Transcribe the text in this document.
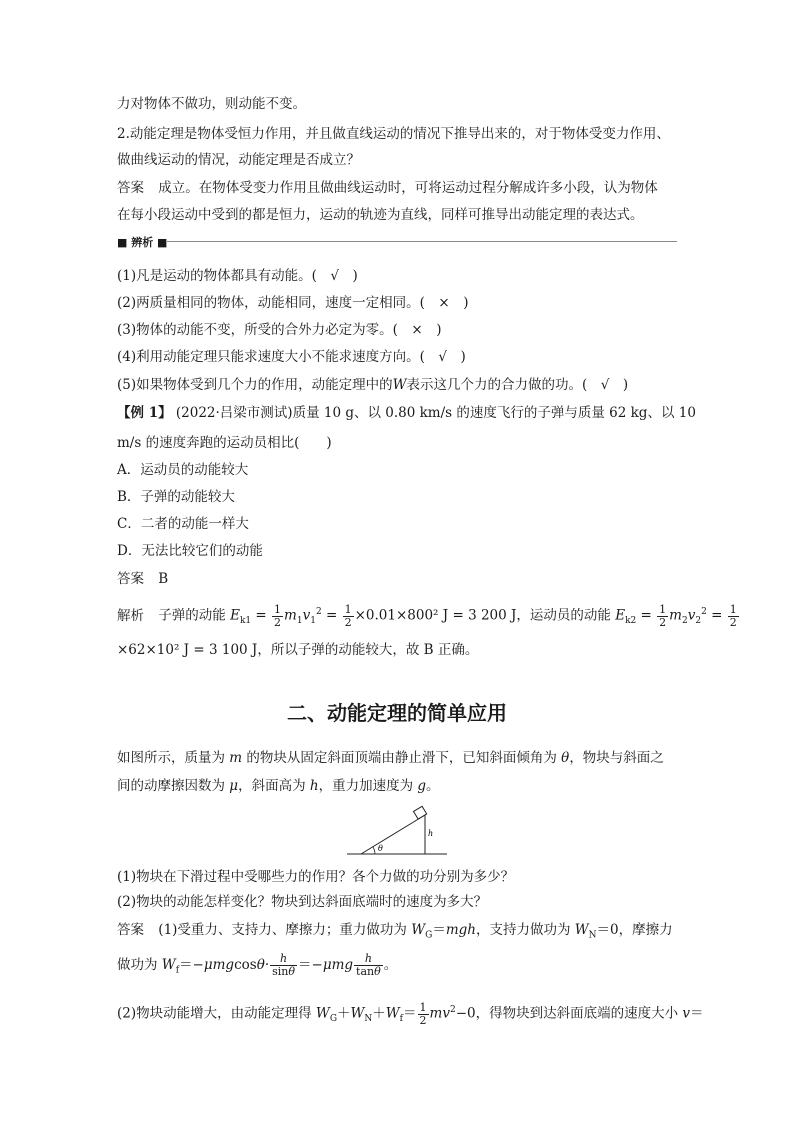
力对物体不做功，则动能不变。
2.动能定理是物体受恒力作用，并且做直线运动的情况下推导出来的，对于物体受变力作用、
做曲线运动的情况，动能定理是否成立？
答案 成立。在物体受变力作用且做曲线运动时，可将运动过程分解成许多小段，认为物体
在每小段运动中受到的都是恒力，运动的轨迹为直线，同样可推导出动能定理的表达式。
■ 辨析 ■
(1)凡是运动的物体都具有动能。(　√　)
(2)两质量相同的物体，动能相同，速度一定相同。(　×　)
(3)物体的动能不变，所受的合外力必定为零。(　×　)
(4)利用动能定理只能求速度大小不能求速度方向。(　√　)
(5)如果物体受到几个力的作用，动能定理中的W表示这几个力的合力做的功。(　√　)
【例 1】 (2022·吕梁市测试)质量 10 g、以 0.80 km/s 的速度飞行的子弹与质量 62 kg、以 10
m/s 的速度奔跑的运动员相比(　　)
A．运动员的动能较大
B．子弹的动能较大
C．二者的动能一样大
D．无法比较它们的动能
答案 B
解析 子弹的动能 $E_{k1} = \frac{1}{2} m_1v_1^2 = \frac{1}{2} \times 0.01\times 800^2$ J = 3 200 J，运动员的动能 $E_{k2} = \frac{1}{2} m_2v_2^2 = \frac{1}{2}$
×62×10² J = 3 100 J，所以子弹的动能较大，故 B 正确。
二、动能定理的简单应用
如图所示，质量为 m 的物块从固定斜面顶端由静止滑下，已知斜面倾角为 θ，物块与斜面之
间的动摩擦因数为 μ，斜面高为 h，重力加速度为 g。
θ
h
(1)物块在下滑过程中受哪些力的作用？各个力做的功分别为多少？
(2)物块的动能怎样变化？物块到达斜面底端时的速度为多大？
答案 (1)受重力、支持力、摩擦力；重力做功为 $W_G=mgh$，支持力做功为 $W_N=0$，摩擦力
做功为 $W_f=-\mu mgcos\theta\cdot \frac{h}{\sin\theta} =-\mu mg \frac{h}{\tan\theta}$ 。
(2)物块动能增大，由动能定理得 $W_G+W_N+W_f= \frac{1}{2} mv^2-0$，得物块到达斜面底端的速度大小 v＝
